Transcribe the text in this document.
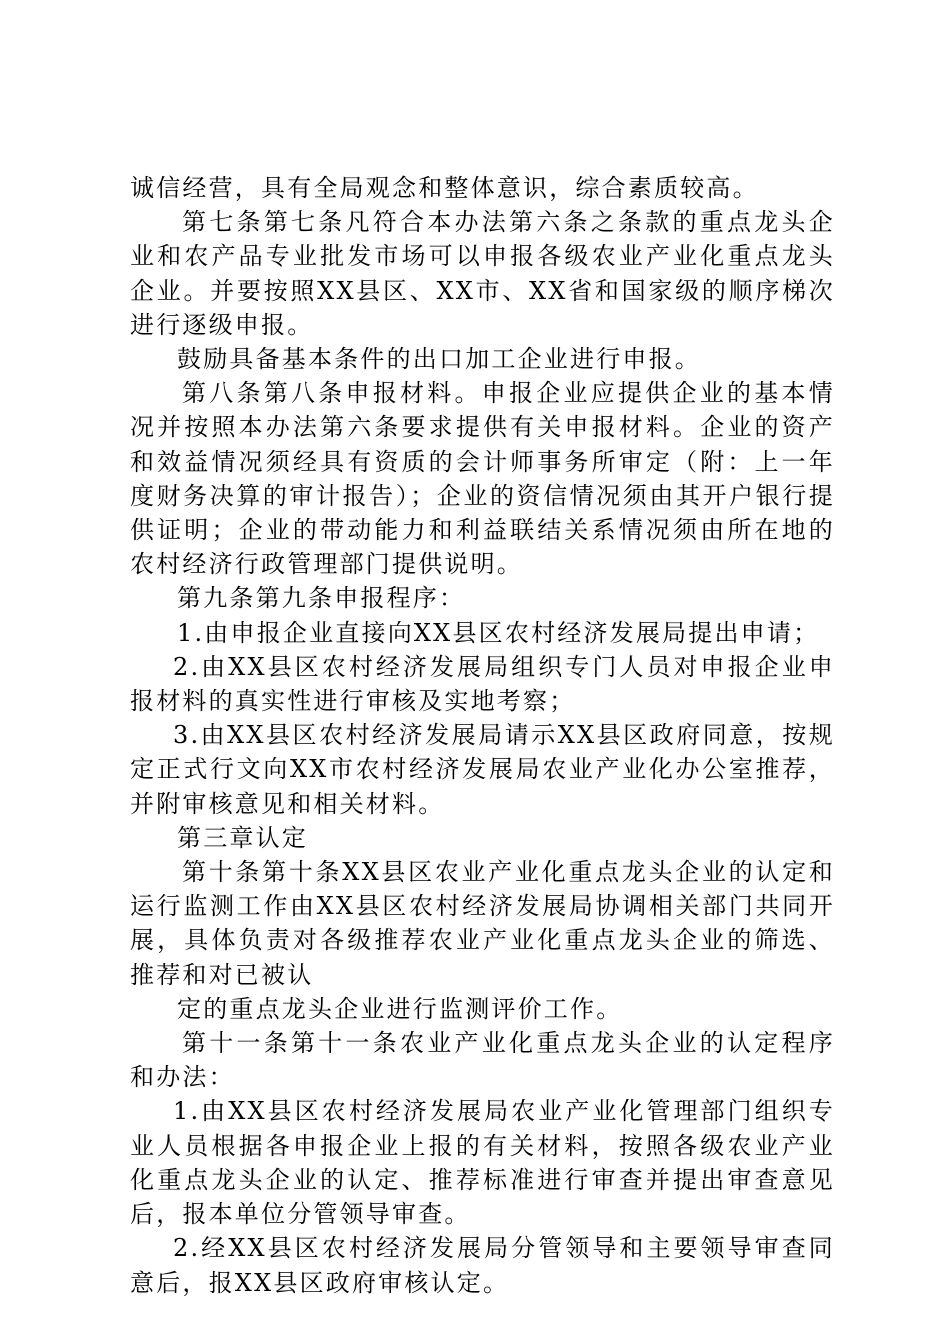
诚信经营，具有全局观念和整体意识，综合素质较高。

第七条第七条凡符合本办法第六条之条款的重点龙头企业和农产品专业批发市场可以申报各级农业产业化重点龙头企业。并要按照XX县区、XX市、XX省和国家级的顺序梯次进行逐级申报。

鼓励具备基本条件的出口加工企业进行申报。

第八条第八条申报材料。申报企业应提供企业的基本情况并按照本办法第六条要求提供有关申报材料。企业的资产和效益情况须经具有资质的会计师事务所审定（附：上一年度财务决算的审计报告）；企业的资信情况须由其开户银行提供证明；企业的带动能力和利益联结关系情况须由所在地的农村经济行政管理部门提供说明。

第九条第九条申报程序：

1.由申报企业直接向XX县区农村经济发展局提出申请；

2.由XX县区农村经济发展局组织专门人员对申报企业申报材料的真实性进行审核及实地考察；

3.由XX县区农村经济发展局请示XX县区政府同意，按规定正式行文向XX市农村经济发展局农业产业化办公室推荐，并附审核意见和相关材料。

第三章认定

第十条第十条XX县区农业产业化重点龙头企业的认定和运行监测工作由XX县区农村经济发展局协调相关部门共同开展，具体负责对各级推荐农业产业化重点龙头企业的筛选、推荐和对已被认

定的重点龙头企业进行监测评价工作。

第十一条第十一条农业产业化重点龙头企业的认定程序和办法：

1.由XX县区农村经济发展局农业产业化管理部门组织专业人员根据各申报企业上报的有关材料，按照各级农业产业化重点龙头企业的认定、推荐标准进行审查并提出审查意见后，报本单位分管领导审查。

2.经XX县区农村经济发展局分管领导和主要领导审查同意后，报XX县区政府审核认定。
